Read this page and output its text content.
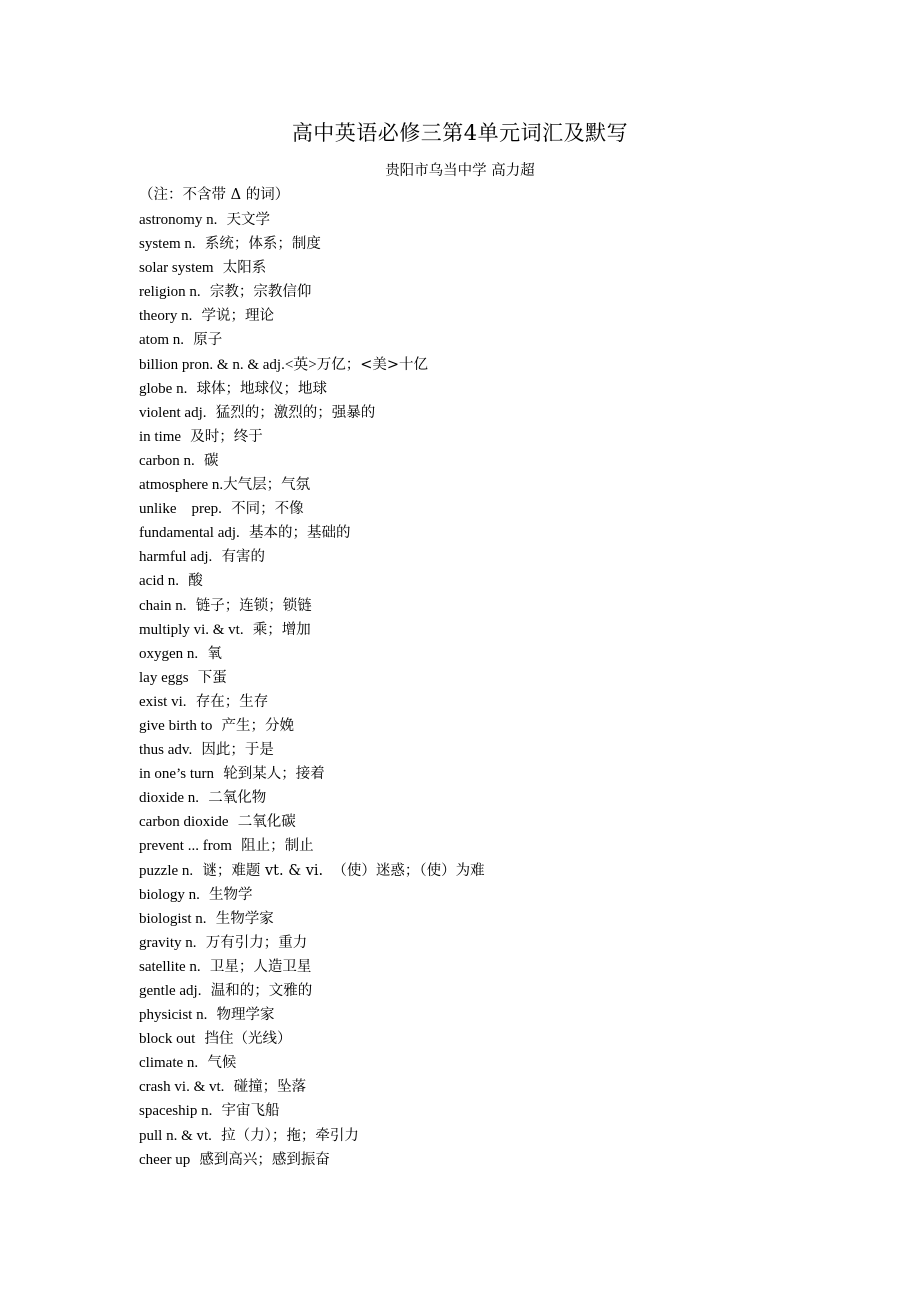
高中英语必修三第4单元词汇及默写
贵阳市乌当中学 高力超
（注：不含带 Δ 的词）
astronomy n.  天文学
system n.  系统；体系；制度
solar system  太阳系
religion n.  宗教；宗教信仰
theory n.  学说；理论
atom n.  原子
billion pron. & n. & adj.<英>万亿；<美>十亿
globe n.  球体；地球仪；地球
violent adj.  猛烈的；激烈的；强暴的
in time  及时；终于
carbon n.  碳
atmosphere n.大气层；气氛
unlike    prep.  不同；不像
fundamental adj.  基本的；基础的
harmful adj.  有害的
acid n.  酸
chain n.  链子；连锁；锁链
multiply vi. & vt.  乘；增加
oxygen n.  氧
lay eggs  下蛋
exist vi.  存在；生存
give birth to  产生；分娩
thus adv.  因此；于是
in one’s turn  轮到某人；接着
dioxide n.  二氧化物
carbon dioxide  二氧化碳
prevent ... from  阻止；制止
puzzle n.  谜；难题 vt. & vi.  （使）迷惑；（使）为难
biology n.  生物学
biologist n.  生物学家
gravity n.  万有引力；重力
satellite n.  卫星；人造卫星
gentle adj.  温和的；文雅的
physicist n.  物理学家
block out  挡住（光线）
climate n.  气候
crash vi. & vt.  碰撞；坠落
spaceship n.  宇宙飞船
pull n. & vt.  拉（力）；拖；牵引力
cheer up  感到高兴；感到振奋
